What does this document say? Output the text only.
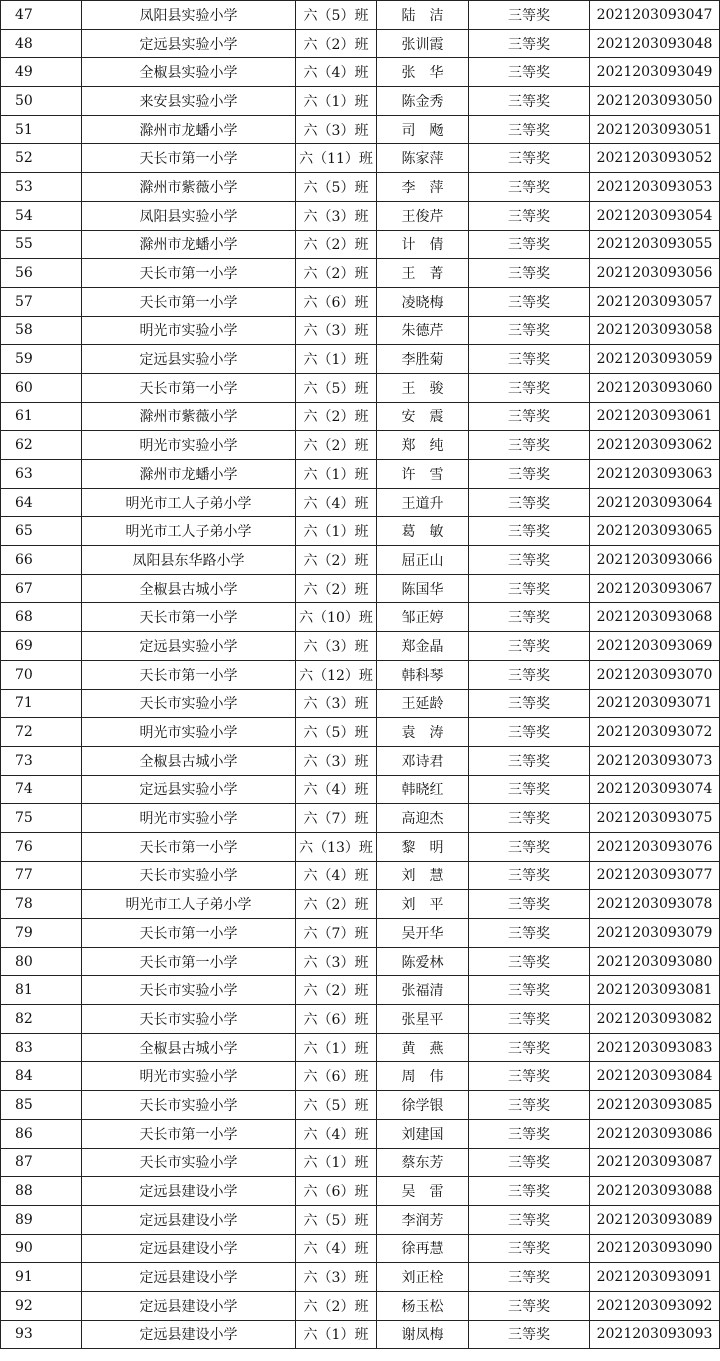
47	凤阳县实验小学	六（5）班	陆　洁	三等奖	2021203093047
48	定远县实验小学	六（2）班	张训霞	三等奖	2021203093048
49	全椒县实验小学	六（4）班	张　华	三等奖	2021203093049
50	来安县实验小学	六（1）班	陈金秀	三等奖	2021203093050
51	滁州市龙蟠小学	六（3）班	司　飏	三等奖	2021203093051
52	天长市第一小学	六（11）班	陈家萍	三等奖	2021203093052
53	滁州市紫薇小学	六（5）班	李　萍	三等奖	2021203093053
54	凤阳县实验小学	六（3）班	王俊芹	三等奖	2021203093054
55	滁州市龙蟠小学	六（2）班	计　倩	三等奖	2021203093055
56	天长市第一小学	六（2）班	王　菁	三等奖	2021203093056
57	天长市第一小学	六（6）班	凌晓梅	三等奖	2021203093057
58	明光市实验小学	六（3）班	朱德芹	三等奖	2021203093058
59	定远县实验小学	六（1）班	李胜菊	三等奖	2021203093059
60	天长市第一小学	六（5）班	王　骏	三等奖	2021203093060
61	滁州市紫薇小学	六（2）班	安　震	三等奖	2021203093061
62	明光市实验小学	六（2）班	郑　纯	三等奖	2021203093062
63	滁州市龙蟠小学	六（1）班	许　雪	三等奖	2021203093063
64	明光市工人子弟小学	六（4）班	王道升	三等奖	2021203093064
65	明光市工人子弟小学	六（1）班	葛　敏	三等奖	2021203093065
66	凤阳县东华路小学	六（2）班	屈正山	三等奖	2021203093066
67	全椒县古城小学	六（2）班	陈国华	三等奖	2021203093067
68	天长市第一小学	六（10）班	邹正婷	三等奖	2021203093068
69	定远县实验小学	六（3）班	郑金晶	三等奖	2021203093069
70	天长市第一小学	六（12）班	韩科琴	三等奖	2021203093070
71	天长市实验小学	六（3）班	王延龄	三等奖	2021203093071
72	明光市实验小学	六（5）班	袁　涛	三等奖	2021203093072
73	全椒县古城小学	六（3）班	邓诗君	三等奖	2021203093073
74	定远县实验小学	六（4）班	韩晓红	三等奖	2021203093074
75	明光市实验小学	六（7）班	高迎杰	三等奖	2021203093075
76	天长市第一小学	六（13）班	黎　明	三等奖	2021203093076
77	天长市实验小学	六（4）班	刘　慧	三等奖	2021203093077
78	明光市工人子弟小学	六（2）班	刘　平	三等奖	2021203093078
79	天长市第一小学	六（7）班	吴开华	三等奖	2021203093079
80	天长市第一小学	六（3）班	陈爱林	三等奖	2021203093080
81	天长市实验小学	六（2）班	张福清	三等奖	2021203093081
82	天长市实验小学	六（6）班	张星平	三等奖	2021203093082
83	全椒县古城小学	六（1）班	黄　燕	三等奖	2021203093083
84	明光市实验小学	六（6）班	周　伟	三等奖	2021203093084
85	天长市实验小学	六（5）班	徐学银	三等奖	2021203093085
86	天长市第一小学	六（4）班	刘建国	三等奖	2021203093086
87	天长市实验小学	六（1）班	蔡东芳	三等奖	2021203093087
88	定远县建设小学	六（6）班	吴　雷	三等奖	2021203093088
89	定远县建设小学	六（5）班	李润芳	三等奖	2021203093089
90	定远县建设小学	六（4）班	徐再慧	三等奖	2021203093090
91	定远县建设小学	六（3）班	刘正栓	三等奖	2021203093091
92	定远县建设小学	六（2）班	杨玉松	三等奖	2021203093092
93	定远县建设小学	六（1）班	谢凤梅	三等奖	2021203093093
